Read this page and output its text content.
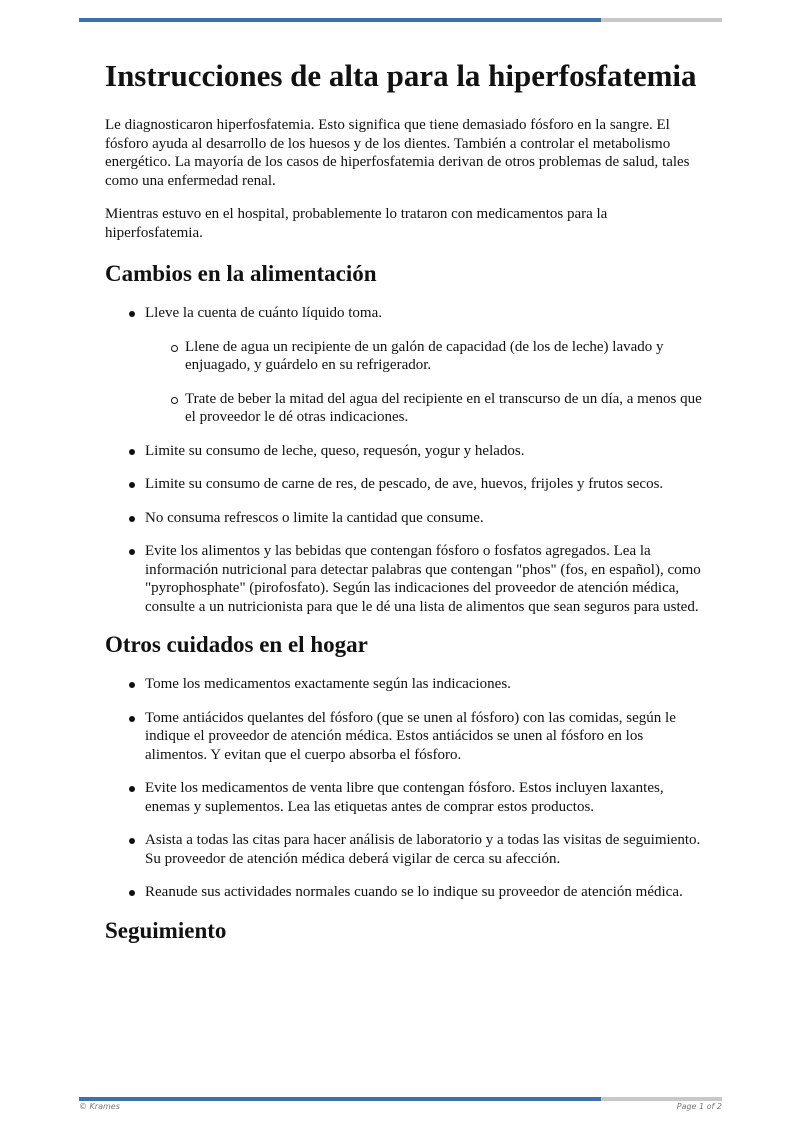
Instrucciones de alta para la hiperfosfatemia

Le diagnosticaron hiperfosfatemia. Esto significa que tiene demasiado fósforo en la sangre. El fósforo ayuda al desarrollo de los huesos y de los dientes. También a controlar el metabolismo energético. La mayoría de los casos de hiperfosfatemia derivan de otros problemas de salud, tales como una enfermedad renal.

Mientras estuvo en el hospital, probablemente lo trataron con medicamentos para la hiperfosfatemia.

Cambios en la alimentación
Lleve la cuenta de cuánto líquido toma.
Llene de agua un recipiente de un galón de capacidad (de los de leche) lavado y enjuagado, y guárdelo en su refrigerador.
Trate de beber la mitad del agua del recipiente en el transcurso de un día, a menos que el proveedor le dé otras indicaciones.
Limite su consumo de leche, queso, requesón, yogur y helados.
Limite su consumo de carne de res, de pescado, de ave, huevos, frijoles y frutos secos.
No consuma refrescos o limite la cantidad que consume.
Evite los alimentos y las bebidas que contengan fósforo o fosfatos agregados. Lea la información nutricional para detectar palabras que contengan "phos" (fos, en español), como "pyrophosphate" (pirofosfato). Según las indicaciones del proveedor de atención médica, consulte a un nutricionista para que le dé una lista de alimentos que sean seguros para usted.
Otros cuidados en el hogar
Tome los medicamentos exactamente según las indicaciones.
Tome antiácidos quelantes del fósforo (que se unen al fósforo) con las comidas, según le indique el proveedor de atención médica. Estos antiácidos se unen al fósforo en los alimentos. Y evitan que el cuerpo absorba el fósforo.
Evite los medicamentos de venta libre que contengan fósforo. Estos incluyen laxantes, enemas y suplementos. Lea las etiquetas antes de comprar estos productos.
Asista a todas las citas para hacer análisis de laboratorio y a todas las visitas de seguimiento. Su proveedor de atención médica deberá vigilar de cerca su afección.
Reanude sus actividades normales cuando se lo indique su proveedor de atención médica.
Seguimiento
© Krames	Page 1 of 2
